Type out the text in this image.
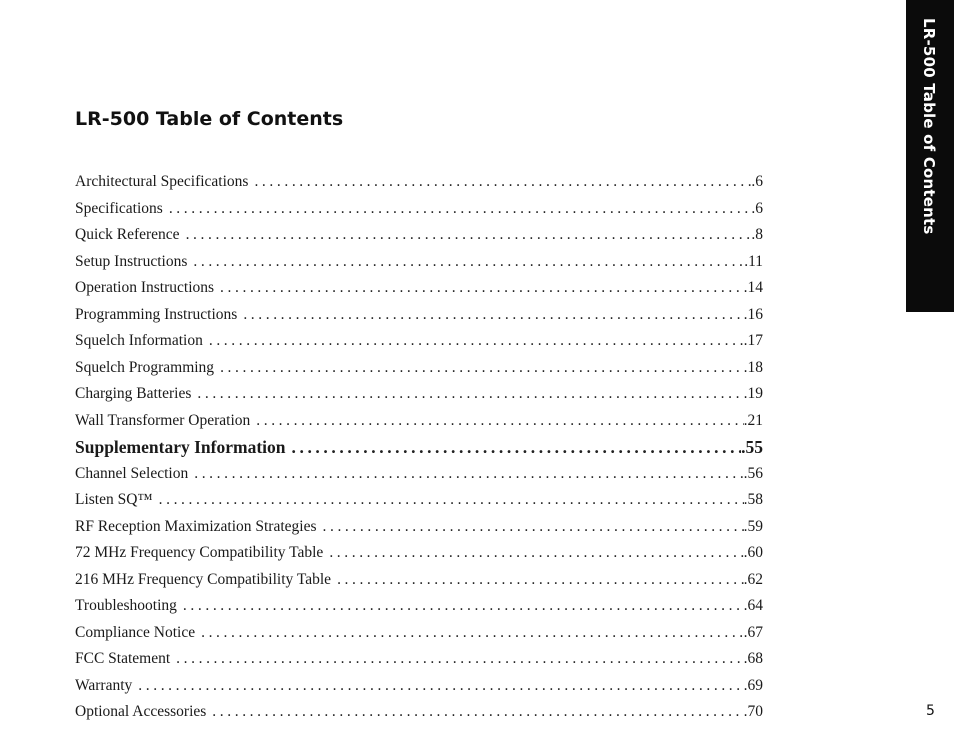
LR-500 Table of Contents
LR-500 Table of Contents
Architectural Specifications .....	.6
Specifications .....	.6
Quick Reference .....	.8
Setup Instructions .....	.11
Operation Instructions .....	.14
Programming Instructions .....	.16
Squelch Information .....	.17
Squelch Programming .....	.18
Charging Batteries .....	.19
Wall Transformer Operation .....	.21
Supplementary Information .....	.55
Channel Selection .....	.56
Listen SQ™ .....	.58
RF Reception Maximization Strategies .....	.59
72 MHz Frequency Compatibility Table .....	.60
216 MHz Frequency Compatibility Table .....	.62
Troubleshooting .....	.64
Compliance Notice .....	.67
FCC Statement .....	.68
Warranty .....	.69
Optional Accessories .....	.70	5
